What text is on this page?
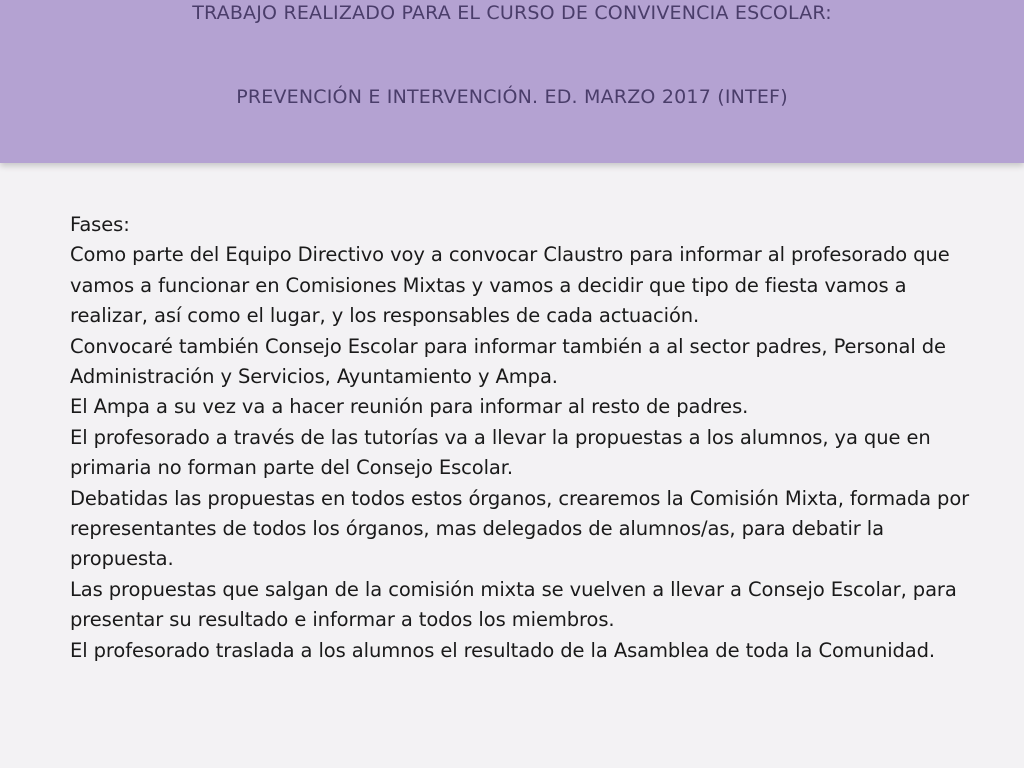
TRABAJO REALIZADO PARA EL CURSO DE CONVIVENCIA ESCOLAR:
PREVENCIÓN E INTERVENCIÓN. ED. MARZO 2017 (INTEF)

Fases:

Como parte del Equipo Directivo voy a convocar Claustro para informar al profesorado que vamos a funcionar en Comisiones Mixtas y vamos a decidir que tipo de fiesta vamos a realizar, así como el lugar, y los responsables de cada actuación.

Convocaré también Consejo Escolar para informar también a al sector padres, Personal de Administración y Servicios, Ayuntamiento y Ampa.

El Ampa a su vez va a hacer reunión para informar al resto de padres.

El profesorado a través de las tutorías va a llevar la propuestas a los alumnos, ya que en primaria no forman parte del Consejo Escolar.

Debatidas las propuestas en todos estos órganos, crearemos la Comisión Mixta, formada por representantes de todos los órganos, mas delegados de alumnos/as, para debatir la propuesta.

Las propuestas que salgan de la comisión mixta se vuelven a llevar a Consejo Escolar, para presentar su resultado e informar a todos los miembros.

El profesorado traslada a los alumnos el resultado de la Asamblea de toda la Comunidad.
